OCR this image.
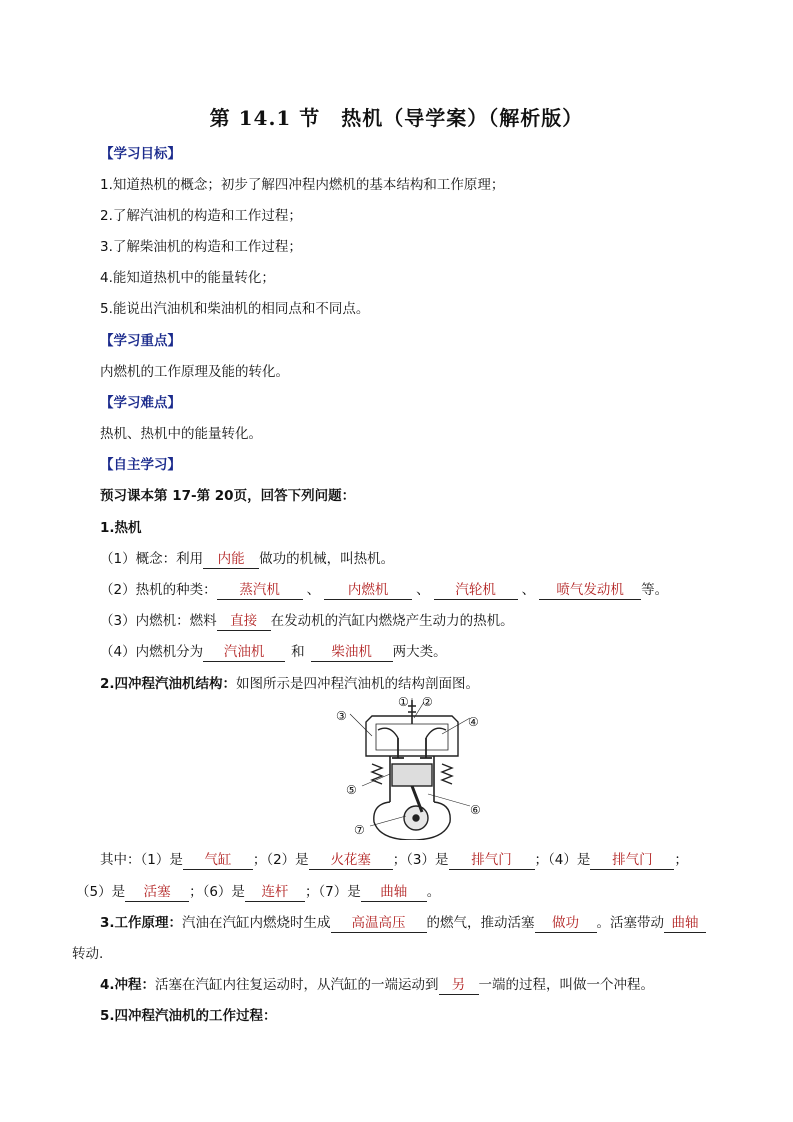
第 14.1 节　热机（导学案）（解析版）
【学习目标】
1.知道热机的概念；初步了解四冲程内燃机的基本结构和工作原理；
2.了解汽油机的构造和工作过程；
3.了解柴油机的构造和工作过程；
4.能知道热机中的能量转化；
5.能说出汽油机和柴油机的相同点和不同点。
【学习重点】
内燃机的工作原理及能的转化。
【学习难点】
热机、热机中的能量转化。
【自主学习】
预习课本第 17-第 20页，回答下列问题：
1.热机
（1）概念：利用 内能 做功的机械，叫热机。
（2）热机的种类： 蒸汽机 、 内燃机 、 汽轮机 、 喷气发动机 等。
（3）内燃机：燃料 直接 在发动机的汽缸内燃烧产生动力的热机。
（4）内燃机分为 汽油机 和 柴油机 两大类。
2.四冲程汽油机结构：如图所示是四冲程汽油机的结构剖面图。
① ②
③	④
⑤
⑥
⑦
其中：（1）是 气缸 ；（2）是 火花塞 ；（3）是 排气门 ；（4）是 排气门 ；
（5）是 活塞 ；（6）是 连杆 ；（7）是 曲轴 。
3.工作原理：汽油在汽缸内燃烧时生成 高温高压 的燃气，推动活塞 做功 。活塞带动 曲轴
转动.
4.冲程：活塞在汽缸内往复运动时，从汽缸的一端运动到 另 一端的过程，叫做一个冲程。
5.四冲程汽油机的工作过程：
